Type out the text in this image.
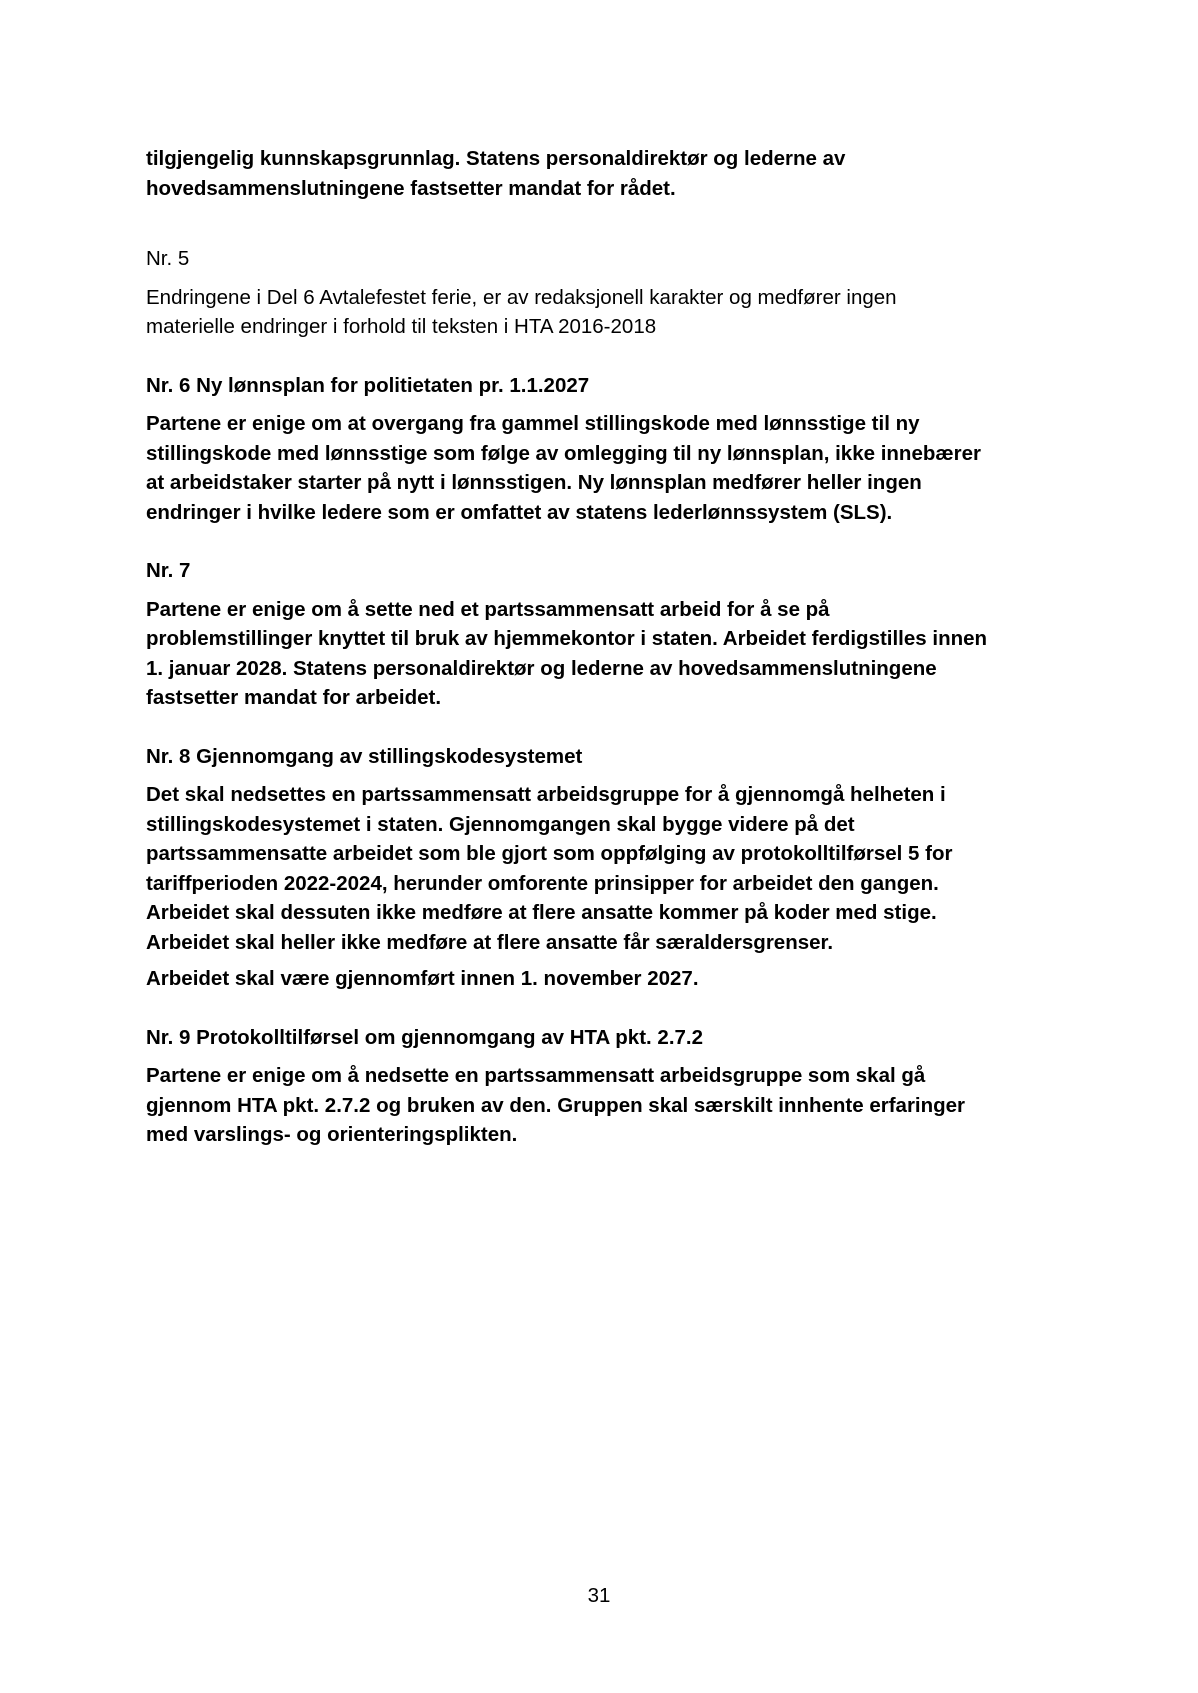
tilgjengelig kunnskapsgrunnlag. Statens personaldirektør og lederne av
hovedsammenslutningene fastsetter mandat for rådet.

Nr. 5

Endringene i Del 6 Avtalefestet ferie, er av redaksjonell karakter og medfører ingen
materielle endringer i forhold til teksten i HTA 2016-2018

Nr. 6 Ny lønnsplan for politietaten pr. 1.1.2027

Partene er enige om at overgang fra gammel stillingskode med lønnsstige til ny
stillingskode med lønnsstige som følge av omlegging til ny lønnsplan, ikke innebærer
at arbeidstaker starter på nytt i lønnsstigen. Ny lønnsplan medfører heller ingen
endringer i hvilke ledere som er omfattet av statens lederlønnssystem (SLS).

Nr. 7

Partene er enige om å sette ned et partssammensatt arbeid for å se på
problemstillinger knyttet til bruk av hjemmekontor i staten. Arbeidet ferdigstilles innen
1. januar 2028. Statens personaldirektør og lederne av hovedsammenslutningene
fastsetter mandat for arbeidet.

Nr. 8 Gjennomgang av stillingskodesystemet

Det skal nedsettes en partssammensatt arbeidsgruppe for å gjennomgå helheten i
stillingskodesystemet i staten. Gjennomgangen skal bygge videre på det
partssammensatte arbeidet som ble gjort som oppfølging av protokolltilførsel 5 for
tariffperioden 2022-2024, herunder omforente prinsipper for arbeidet den gangen.
Arbeidet skal dessuten ikke medføre at flere ansatte kommer på koder med stige.
Arbeidet skal heller ikke medføre at flere ansatte får særaldersgrenser.

Arbeidet skal være gjennomført innen 1. november 2027.

Nr. 9 Protokolltilførsel om gjennomgang av HTA pkt. 2.7.2

Partene er enige om å nedsette en partssammensatt arbeidsgruppe som skal gå
gjennom HTA pkt. 2.7.2 og bruken av den. Gruppen skal særskilt innhente erfaringer
med varslings- og orienteringsplikten.

31
